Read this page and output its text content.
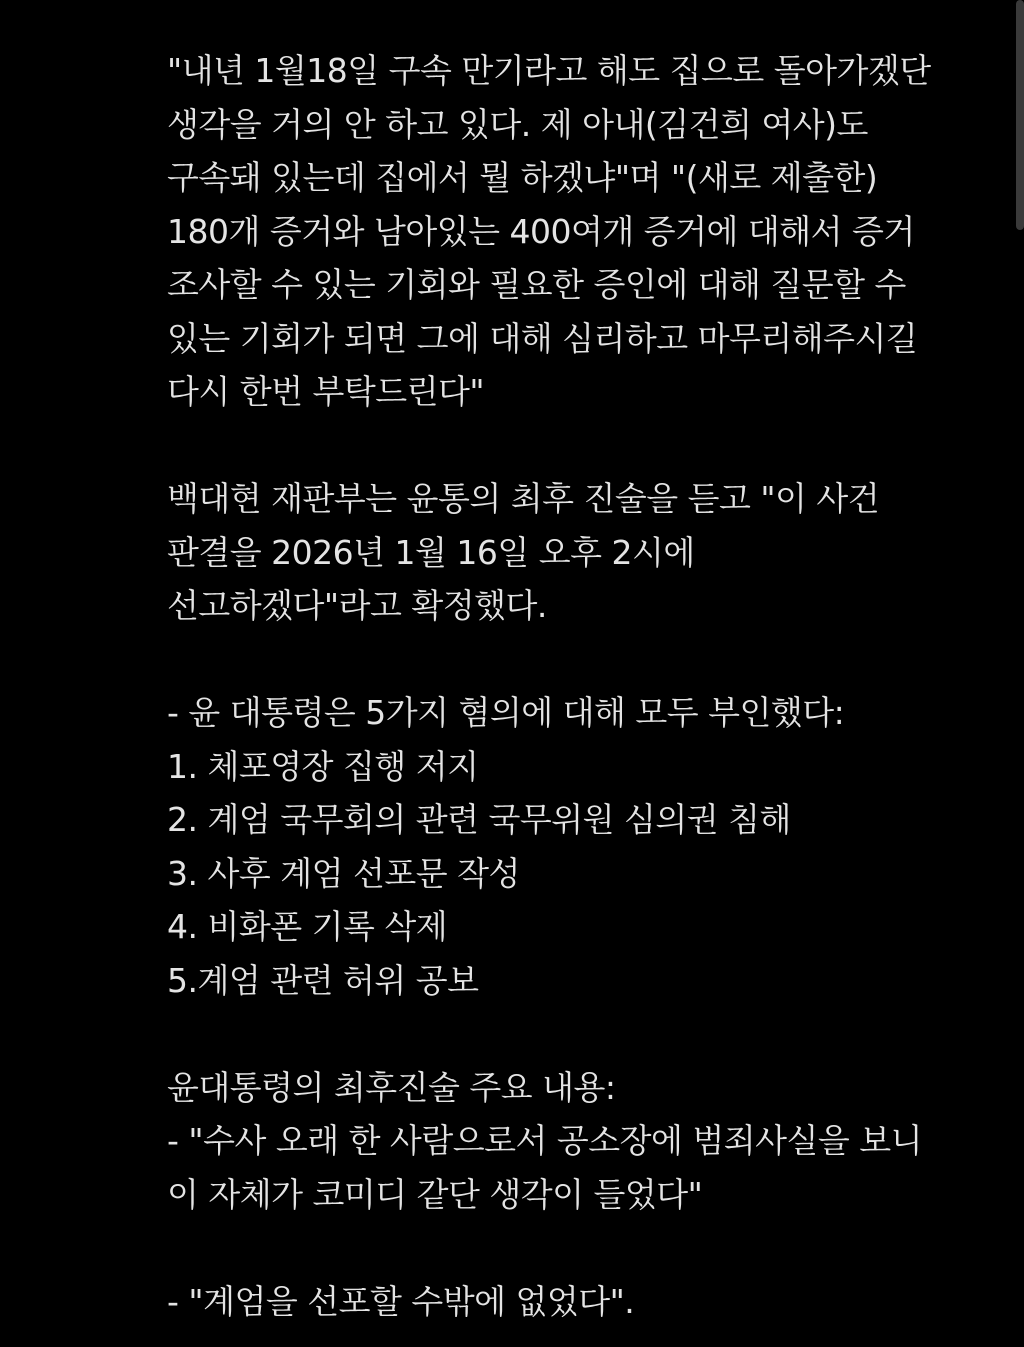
"내년 1월18일 구속 만기라고 해도 집으로 돌아가겠단
생각을 거의 안 하고 있다. 제 아내(김건희 여사)도
구속돼 있는데 집에서 뭘 하겠냐"며 "(새로 제출한)
180개 증거와 남아있는 400여개 증거에 대해서 증거
조사할 수 있는 기회와 필요한 증인에 대해 질문할 수
있는 기회가 되면 그에 대해 심리하고 마무리해주시길
다시 한번 부탁드린다"
백대현 재판부는 윤통의 최후 진술을 듣고 "이 사건
판결을 2026년 1월 16일 오후 2시에
선고하겠다"라고 확정했다.
- 윤 대통령은 5가지 혐의에 대해 모두 부인했다:
1. 체포영장 집행 저지
2. 계엄 국무회의 관련 국무위원 심의권 침해
3. 사후 계엄 선포문 작성
4. 비화폰 기록 삭제
5.계엄 관련 허위 공보
윤대통령의 최후진술 주요 내용:
- "수사 오래 한 사람으로서 공소장에 범죄사실을 보니
이 자체가 코미디 같단 생각이 들었다"
- "계엄을 선포할 수밖에 없었다".
